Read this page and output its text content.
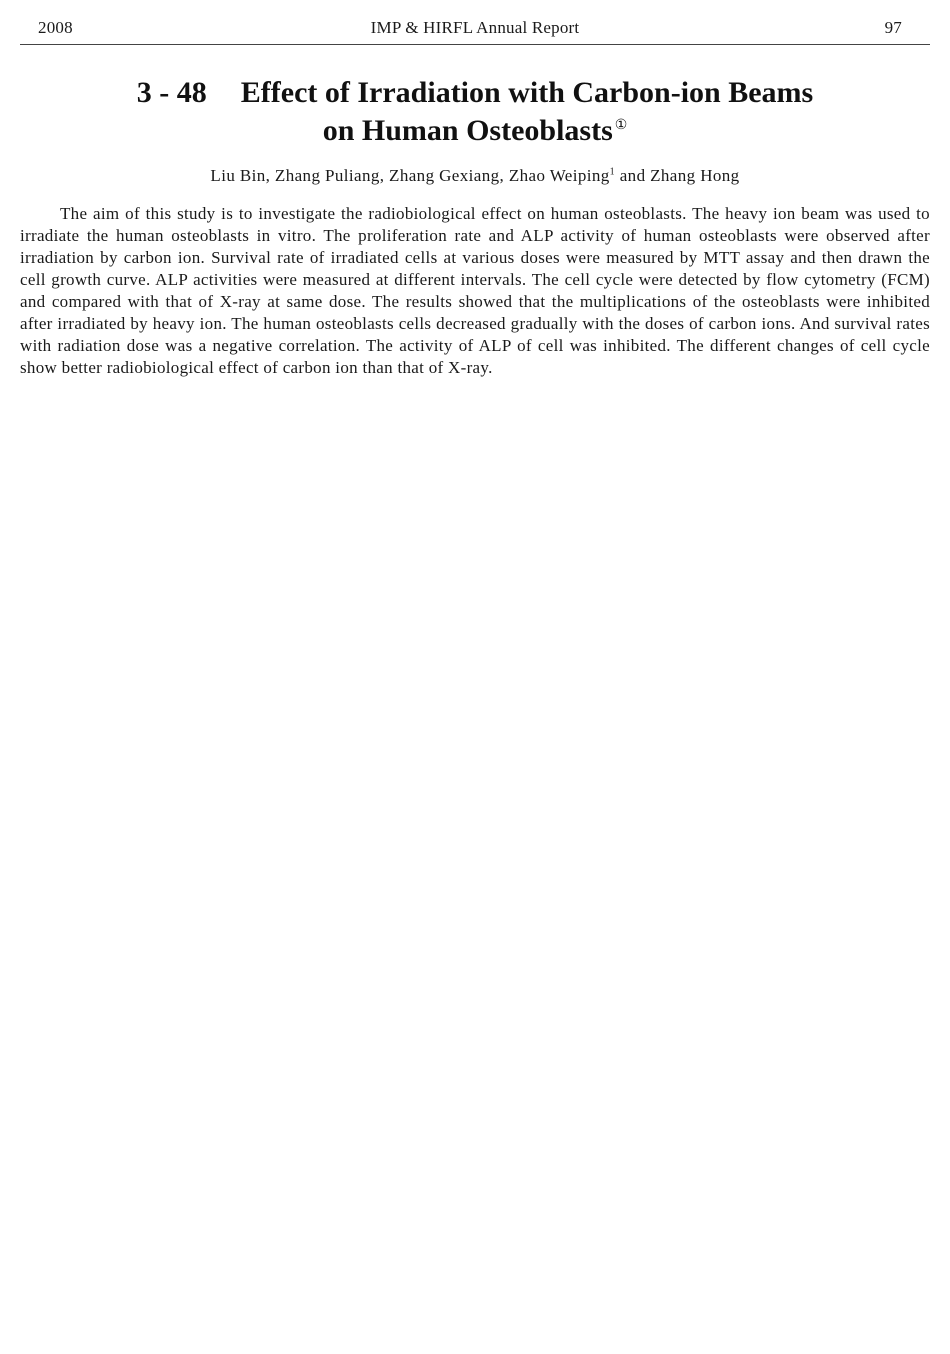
2008	IMP & HIRFL Annual Report	97
3 - 48 Effect of Irradiation with Carbon-ion Beams
on Human Osteoblasts ①
Liu Bin, Zhang Puliang, Zhang Gexiang, Zhao Weiping$^1$ and Zhang Hong

The aim of this study is to investigate the radiobiological effect on human osteoblasts. The heavy ion beam was used to irradiate the human osteoblasts in vitro. The proliferation rate and ALP activity of human osteoblasts were observed after irradiation by carbon ion. Survival rate of irradiated cells at various doses were measured by MTT assay and then drawn the cell growth curve. ALP activities were measured at different intervals. The cell cycle were detected by flow cytometry (FCM) and compared with that of X-ray at same dose. The results showed that the multiplications of the osteoblasts were inhibited after irradiated by heavy ion. The human osteoblasts cells decreased gradually with the doses of carbon ions. And survival rates with radiation dose was a negative correlation. The activity of ALP of cell was inhibited. The different changes of cell cycle show better radiobiological effect of carbon ion than that of X-ray.
